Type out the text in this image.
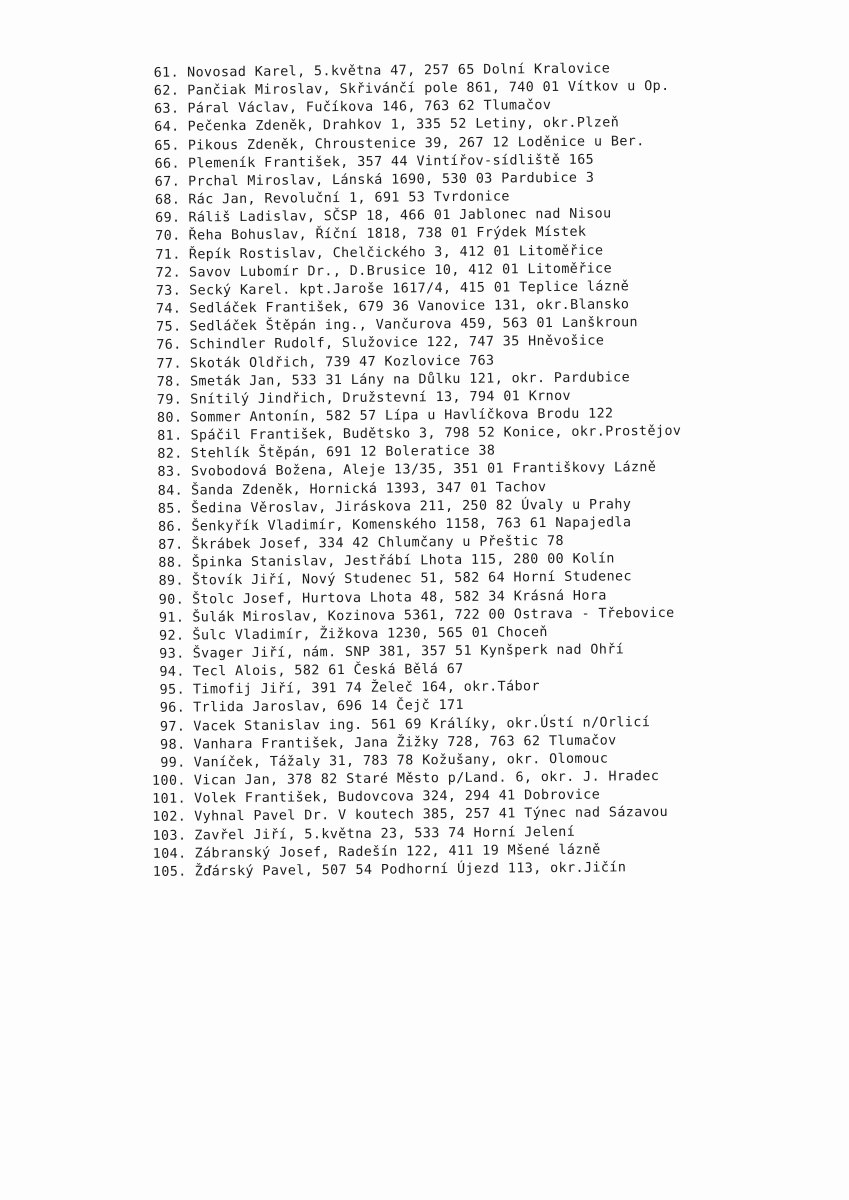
61. Novosad Karel, 5.května 47, 257 65 Dolní Kralovice
62. Pančiak Miroslav, Skřivánčí pole 861, 740 01 Vítkov u Op.
63. Páral Václav, Fučíkova 146, 763 62 Tlumačov
64. Pečenka Zdeněk, Drahkov 1, 335 52 Letiny, okr.Plzeň
65. Pikous Zdeněk, Chroustenice 39, 267 12 Loděnice u Ber.
66. Plemeník František, 357 44 Vintířov-sídliště 165
67. Prchal Miroslav, Lánská 1690, 530 03 Pardubice 3
68. Rác Jan, Revoluční 1, 691 53 Tvrdonice
69. Ráliš Ladislav, SČSP 18, 466 01 Jablonec nad Nisou
70. Řeha Bohuslav, Říční 1818, 738 01 Frýdek Místek
71. Řepík Rostislav, Chelčického 3, 412 01 Litoměřice
72. Savov Lubomír Dr., D.Brusice 10, 412 01 Litoměřice
73. Secký Karel. kpt.Jaroše 1617/4, 415 01 Teplice lázně
74. Sedláček František, 679 36 Vanovice 131, okr.Blansko
75. Sedláček Štěpán ing., Vančurova 459, 563 01 Lanškroun
76. Schindler Rudolf, Služovice 122, 747 35 Hněvošice
77. Skoták Oldřich, 739 47 Kozlovice 763
78. Smeták Jan, 533 31 Lány na Důlku 121, okr. Pardubice
79. Snítilý Jindřich, Družstevní 13, 794 01 Krnov
80. Sommer Antonín, 582 57 Lípa u Havlíčkova Brodu 122
81. Spáčil František, Budětsko 3, 798 52 Konice, okr.Prostějov
82. Stehlík Štěpán, 691 12 Boleratice 38
83. Svobodová Božena, Aleje 13/35, 351 01 Františkovy Lázně
84. Šanda Zdeněk, Hornická 1393, 347 01 Tachov
85. Šedina Věroslav, Jiráskova 211, 250 82 Úvaly u Prahy
86. Šenkyřík Vladimír, Komenského 1158, 763 61 Napajedla
87. Škrábek Josef, 334 42 Chlumčany u Přeštic 78
88. Špinka Stanislav, Jestřábí Lhota 115, 280 00 Kolín
89. Štovík Jiří, Nový Studenec 51, 582 64 Horní Studenec
90. Štolc Josef, Hurtova Lhota 48, 582 34 Krásná Hora
91. Šulák Miroslav, Kozinova 5361, 722 00 Ostrava - Třebovice
92. Šulc Vladimír, Žižkova 1230, 565 01 Choceň
93. Švager Jiří, nám. SNP 381, 357 51 Kynšperk nad Ohří
94. Tecl Alois, 582 61 Česká Bělá 67
95. Timofij Jiří, 391 74 Želeč 164, okr.Tábor
96. Trlida Jaroslav, 696 14 Čejč 171
97. Vacek Stanislav ing. 561 69 Králíky, okr.Ústí n/Orlicí
98. Vanhara František, Jana Žižky 728, 763 62 Tlumačov
99. Vaníček, Tážaly 31, 783 78 Kožušany, okr. Olomouc
100. Vican Jan, 378 82 Staré Město p/Land. 6, okr. J. Hradec
101. Volek František, Budovcova 324, 294 41 Dobrovice
102. Vyhnal Pavel Dr. V koutech 385, 257 41 Týnec nad Sázavou
103. Zavřel Jiří, 5.května 23, 533 74 Horní Jelení
104. Zábranský Josef, Radešín 122, 411 19 Mšené lázně
105. Žďárský Pavel, 507 54 Podhorní Újezd 113, okr.Jičín
